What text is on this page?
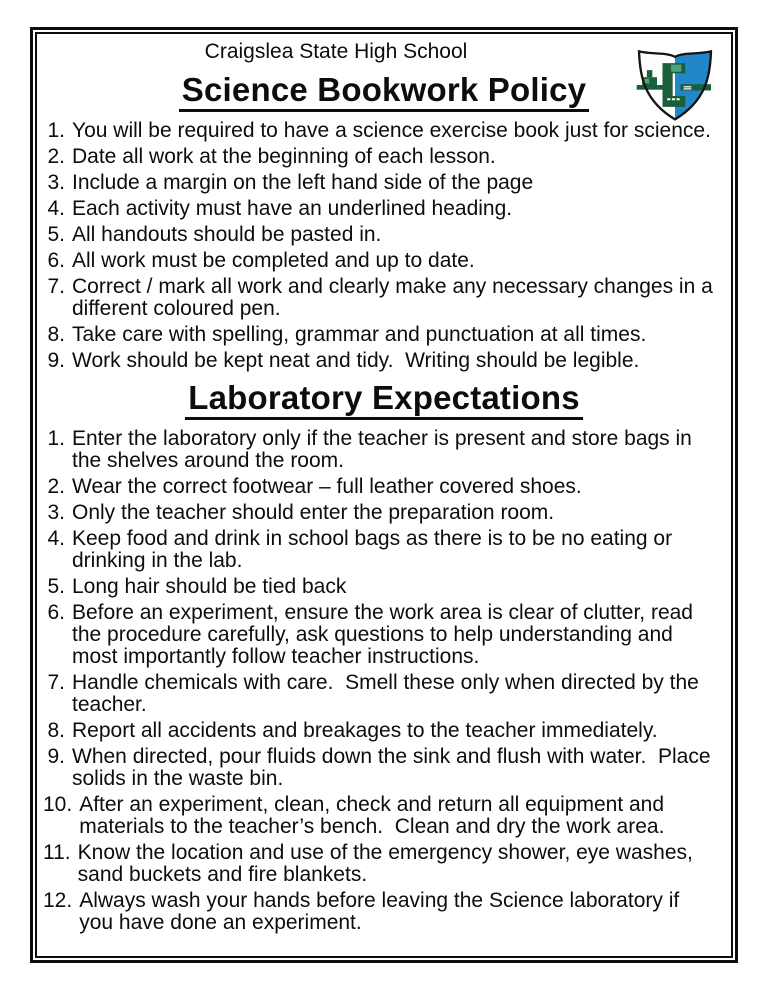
Craigslea State High School
Science Bookwork Policy
1. You will be required to have a science exercise book just for science.
2. Date all work at the beginning of each lesson.
3. Include a margin on the left hand side of the page
4. Each activity must have an underlined heading.
5. All handouts should be pasted in.
6. All work must be completed and up to date.
7. Correct / mark all work and clearly make any necessary changes in a different coloured pen.
8. Take care with spelling, grammar and punctuation at all times.
9. Work should be kept neat and tidy.  Writing should be legible.
Laboratory Expectations
1. Enter the laboratory only if the teacher is present and store bags in the shelves around the room.
2. Wear the correct footwear – full leather covered shoes.
3. Only the teacher should enter the preparation room.
4. Keep food and drink in school bags as there is to be no eating or drinking in the lab.
5. Long hair should be tied back
6. Before an experiment, ensure the work area is clear of clutter, read the procedure carefully, ask questions to help understanding and most importantly follow teacher instructions.
7. Handle chemicals with care.  Smell these only when directed by the teacher.
8. Report all accidents and breakages to the teacher immediately.
9. When directed, pour fluids down the sink and flush with water.  Place solids in the waste bin.
10. After an experiment, clean, check and return all equipment and materials to the teacher’s bench.  Clean and dry the work area.
11. Know the location and use of the emergency shower, eye washes, sand buckets and fire blankets.
12. Always wash your hands before leaving the Science laboratory if you have done an experiment.
